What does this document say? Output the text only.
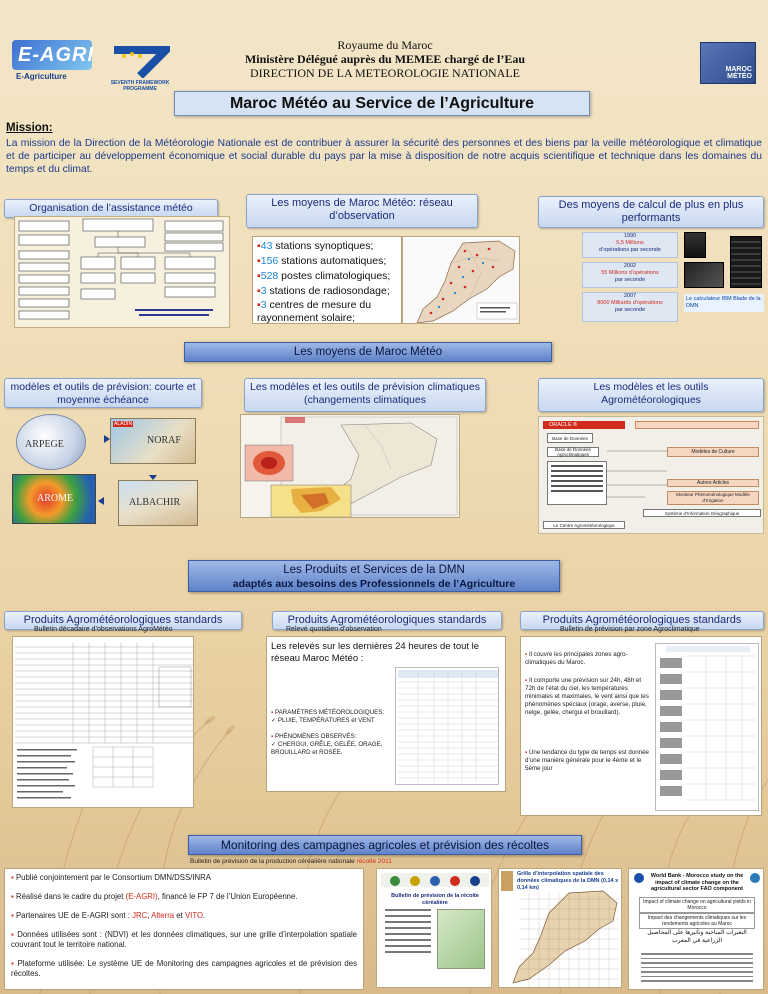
E-AGRI
E-Agriculture
SEVENTH FRAMEWORK PROGRAMME
Royaume du Maroc
Ministère Délégué auprès du MEMEE chargé de l’Eau
DIRECTION DE LA METEOROLOGIE NATIONALE	MAROC MÉTÉO
Maroc Météo au Service de l’Agriculture
Mission:
La mission de la Direction de la Météorologie Nationale est de contribuer à assurer la sécurité des personnes et des biens par la veille météorologique et climatique et de participer au développement économique et social durable du pays par la mise à disposition de notre acquis scientifique et technique dans les domaines du temps et du climat.
Organisation de l’assistance météo	Les moyens de Maroc Météo: réseau d’observation
▪43 stations synoptiques;
▪156 stations automatiques;
▪528 postes climatologiques;
▪3 stations de radiosondage;
▪3 centres de mesure du rayonnement solaire;
Des moyens de calcul de plus en plus performants
1990
5,5 Millions
d’opérations par seconde
2002
55 Millions d’opérations
par seconde
2007
8000 Milliards d’opérations
par seconde
Le calculateur IBM Blade de la DMN
Les moyens de Maroc Météo
modèles et outils de prévision: courte et moyenne échéance
ARPEGE
ALADIN
NORAF
AROME	ALBACHIR
Les modèles et les outils de prévision climatiques (changements climatiques
Les modèles et les outils Agrométéorologiques
ORACLE ®
Base de Données
Base de Données Agroclimatiques	Modèles de Culture
Autres Articles
Moniteur Phénoménologique Modèle d’Irrigation
Système d’Information Géographique
Le Centre Agrométéorologique
Les Produits et Services de la DMN
adaptés aux besoins des Professionnels de l’Agriculture
Produits Agrométéorologiques standards
Bulletin décadaire d’observations AgroMétéo
Produits Agrométéorologiques standards
Relevé quotidien d’observation
Les relevés sur les dernières 24 heures de tout le réseau Maroc Météo :
▪ PARAMÈTRES MÉTÉOROLOGIQUES:
✓ PLUIE, TEMPÉRATURES et VENT
▪ PHÉNOMÈNES OBSERVÉS:
✓ CHERGUI, GRÊLE, GELÉE, ORAGE, BROUILLARD et ROSÉE.
Produits Agrométéorologiques standards
Bulletin de prévision par zone Agroclimatique
▪ Il couvre les principales zones agro-climatiques du Maroc.
▪ Il comporte une prévision sur 24h, 48h et 72h de l’état du ciel, les températures minimales et maximales, le vent ainsi que les phénomènes spéciaux (orage, averse, pluie, neige, gelée, chergui et brouillard).
▪ Une tendance du type de temps est donnée d’une manière générale pour le 4ème et le 5ème jour
Monitoring des campagnes agricoles et prévision des récoltes
Bulletin de prévision de la production céréalière nationale récolte 2011
▪ Publié conjointement par le Consortium DMN/DSS/INRA
▪ Réalisé dans le cadre du projet (E-AGRI), financé le FP 7 de l’Union Européenne.
▪ Partenaires UE de E-AGRI sont : JRC, Alterra et VITO.
▪ Données utilisées sont : (NDVI) et les données climatiques, sur une grille d’interpolation spatiale couvrant tout le territoire national.
▪ Plateforme utilisée: Le système UE de Monitoring des campagnes agricoles et de prévision des récoltes.
Bulletin de prévision de la récolte céréalière
Grille d’interpolation spatiale des données climatiques de la DMN (0,14 x 0,14 km)
World Bank - Morocco study on the impact of climate change on the agricultural sector FAO component
Impact of climate change on agricultural yields in Morocco
Impact des changements climatiques sur les rendements agricoles au Maroc
التغيرات المناخية وتأثيرها على المحاصيل الزراعية في المغرب
